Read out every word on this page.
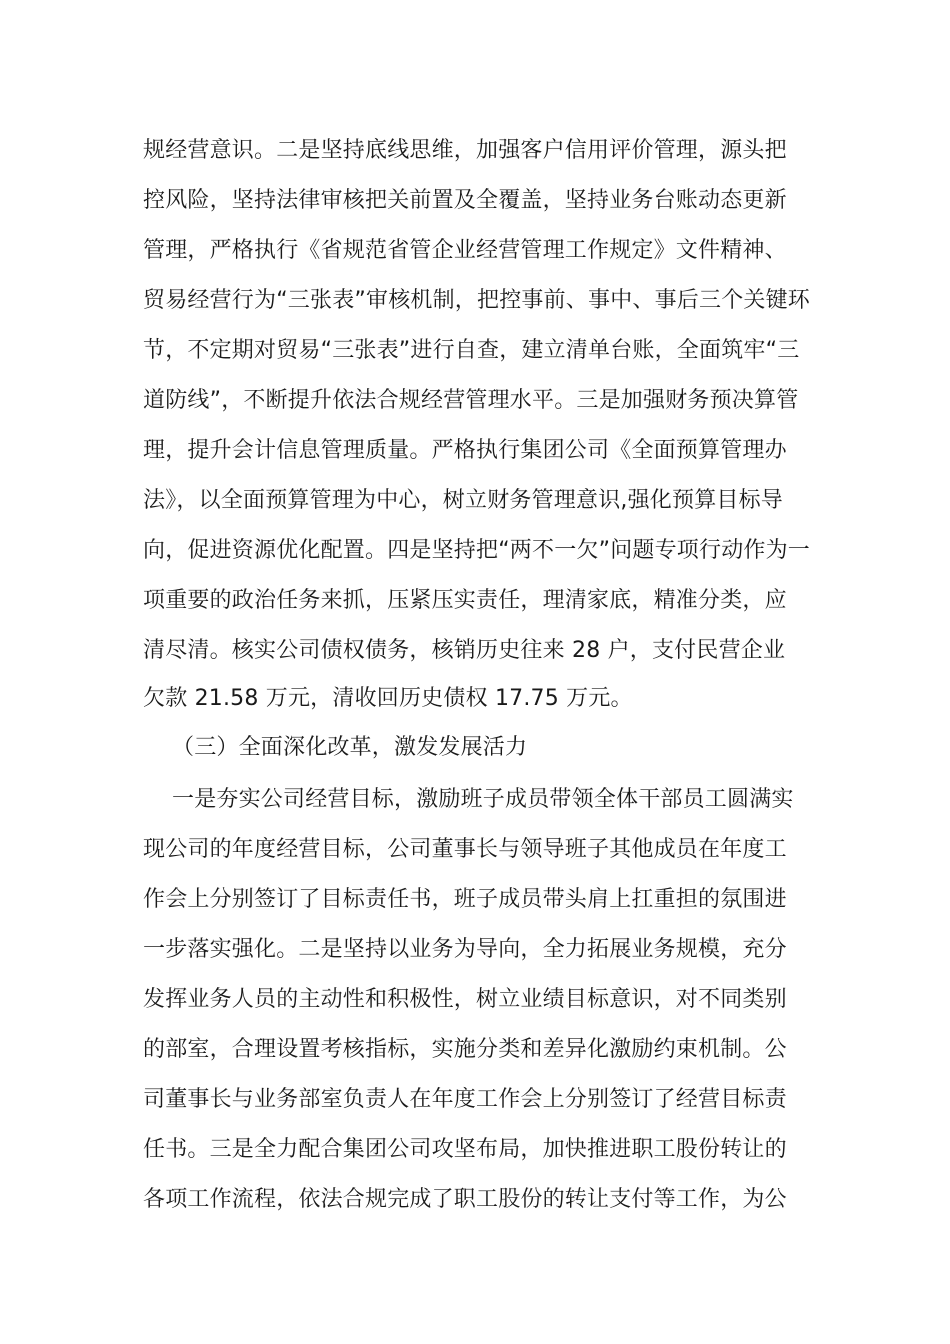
规经营意识。二是坚持底线思维，加强客户信用评价管理，源头把
控风险，坚持法律审核把关前置及全覆盖，坚持业务台账动态更新
管理，严格执行《省规范省管企业经营管理工作规定》文件精神、
贸易经营行为“三张表”审核机制，把控事前、事中、事后三个关键环
节，不定期对贸易“三张表”进行自查，建立清单台账，全面筑牢“三
道防线”，不断提升依法合规经营管理水平。三是加强财务预决算管
理，提升会计信息管理质量。严格执行集团公司《全面预算管理办
法》，以全面预算管理为中心，树立财务管理意识,强化预算目标导
向，促进资源优化配置。四是坚持把“两不一欠”问题专项行动作为一
项重要的政治任务来抓，压紧压实责任，理清家底，精准分类，应
清尽清。核实公司债权债务，核销历史往来 28 户，支付民营企业
欠款 21.58 万元，清收回历史债权 17.75 万元。
（三）全面深化改革，激发发展活力
一是夯实公司经营目标，激励班子成员带领全体干部员工圆满实
现公司的年度经营目标，公司董事长与领导班子其他成员在年度工
作会上分别签订了目标责任书，班子成员带头肩上扛重担的氛围进
一步落实强化。二是坚持以业务为导向，全力拓展业务规模，充分
发挥业务人员的主动性和积极性，树立业绩目标意识，对不同类别
的部室，合理设置考核指标，实施分类和差异化激励约束机制。公
司董事长与业务部室负责人在年度工作会上分别签订了经营目标责
任书。三是全力配合集团公司攻坚布局，加快推进职工股份转让的
各项工作流程，依法合规完成了职工股份的转让支付等工作，为公
